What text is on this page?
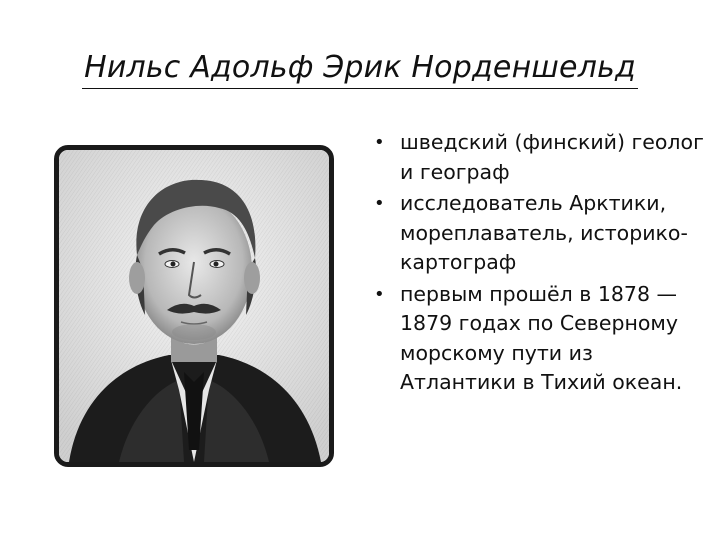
Нильс Адольф Эрик Норденшельд
• шведский (финский) геолог и географ
• исследователь Арктики, мореплаватель, историко-картограф
• первым прошёл в 1878 —1879 годах по Северному морскому пути из Атлантики в Тихий океан.
